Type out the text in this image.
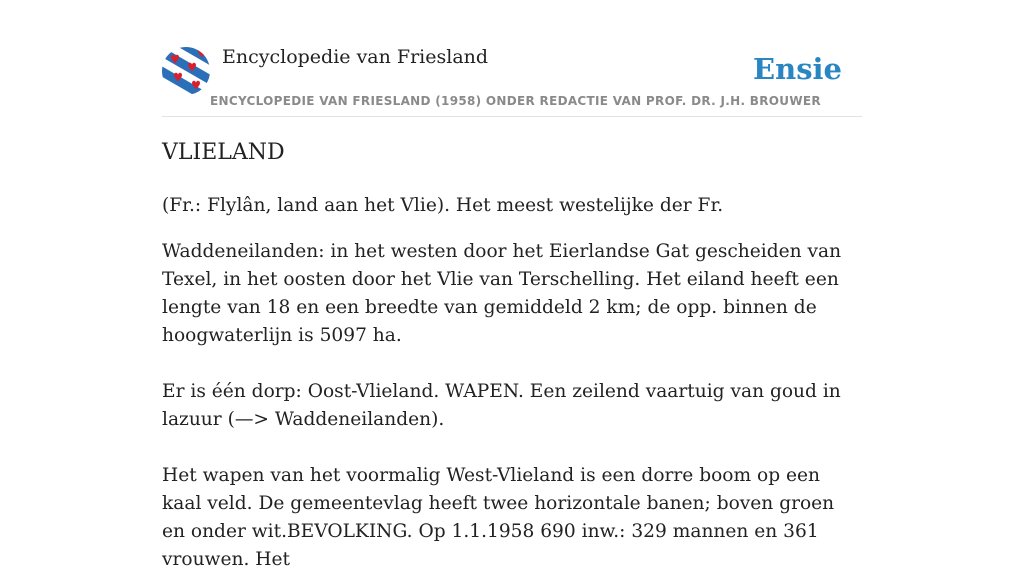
Encyclopedie van Friesland	Ensie
ENCYCLOPEDIE VAN FRIESLAND (1958) ONDER REDACTIE VAN PROF. DR. J.H. BROUWER
VLIELAND

(Fr.: Flylân, land aan het Vlie). Het meest westelijke der Fr.

Waddeneilanden: in het westen door het Eierlandse Gat gescheiden van Texel, in het oosten door het Vlie van Terschelling. Het eiland heeft een lengte van 18 en een breedte van gemiddeld 2 km; de opp. binnen de hoogwaterlijn is 5097 ha.

Er is één dorp: Oost-Vlieland. WAPEN. Een zeilend vaartuig van goud in lazuur (—> Waddeneilanden).

Het wapen van het voormalig West-Vlieland is een dorre boom op een kaal veld. De gemeentevlag heeft twee horizontale banen; boven groen en onder wit.BEVOLKING. Op 1.1.1958 690 inw.: 329 mannen en 361 vrouwen. Het
